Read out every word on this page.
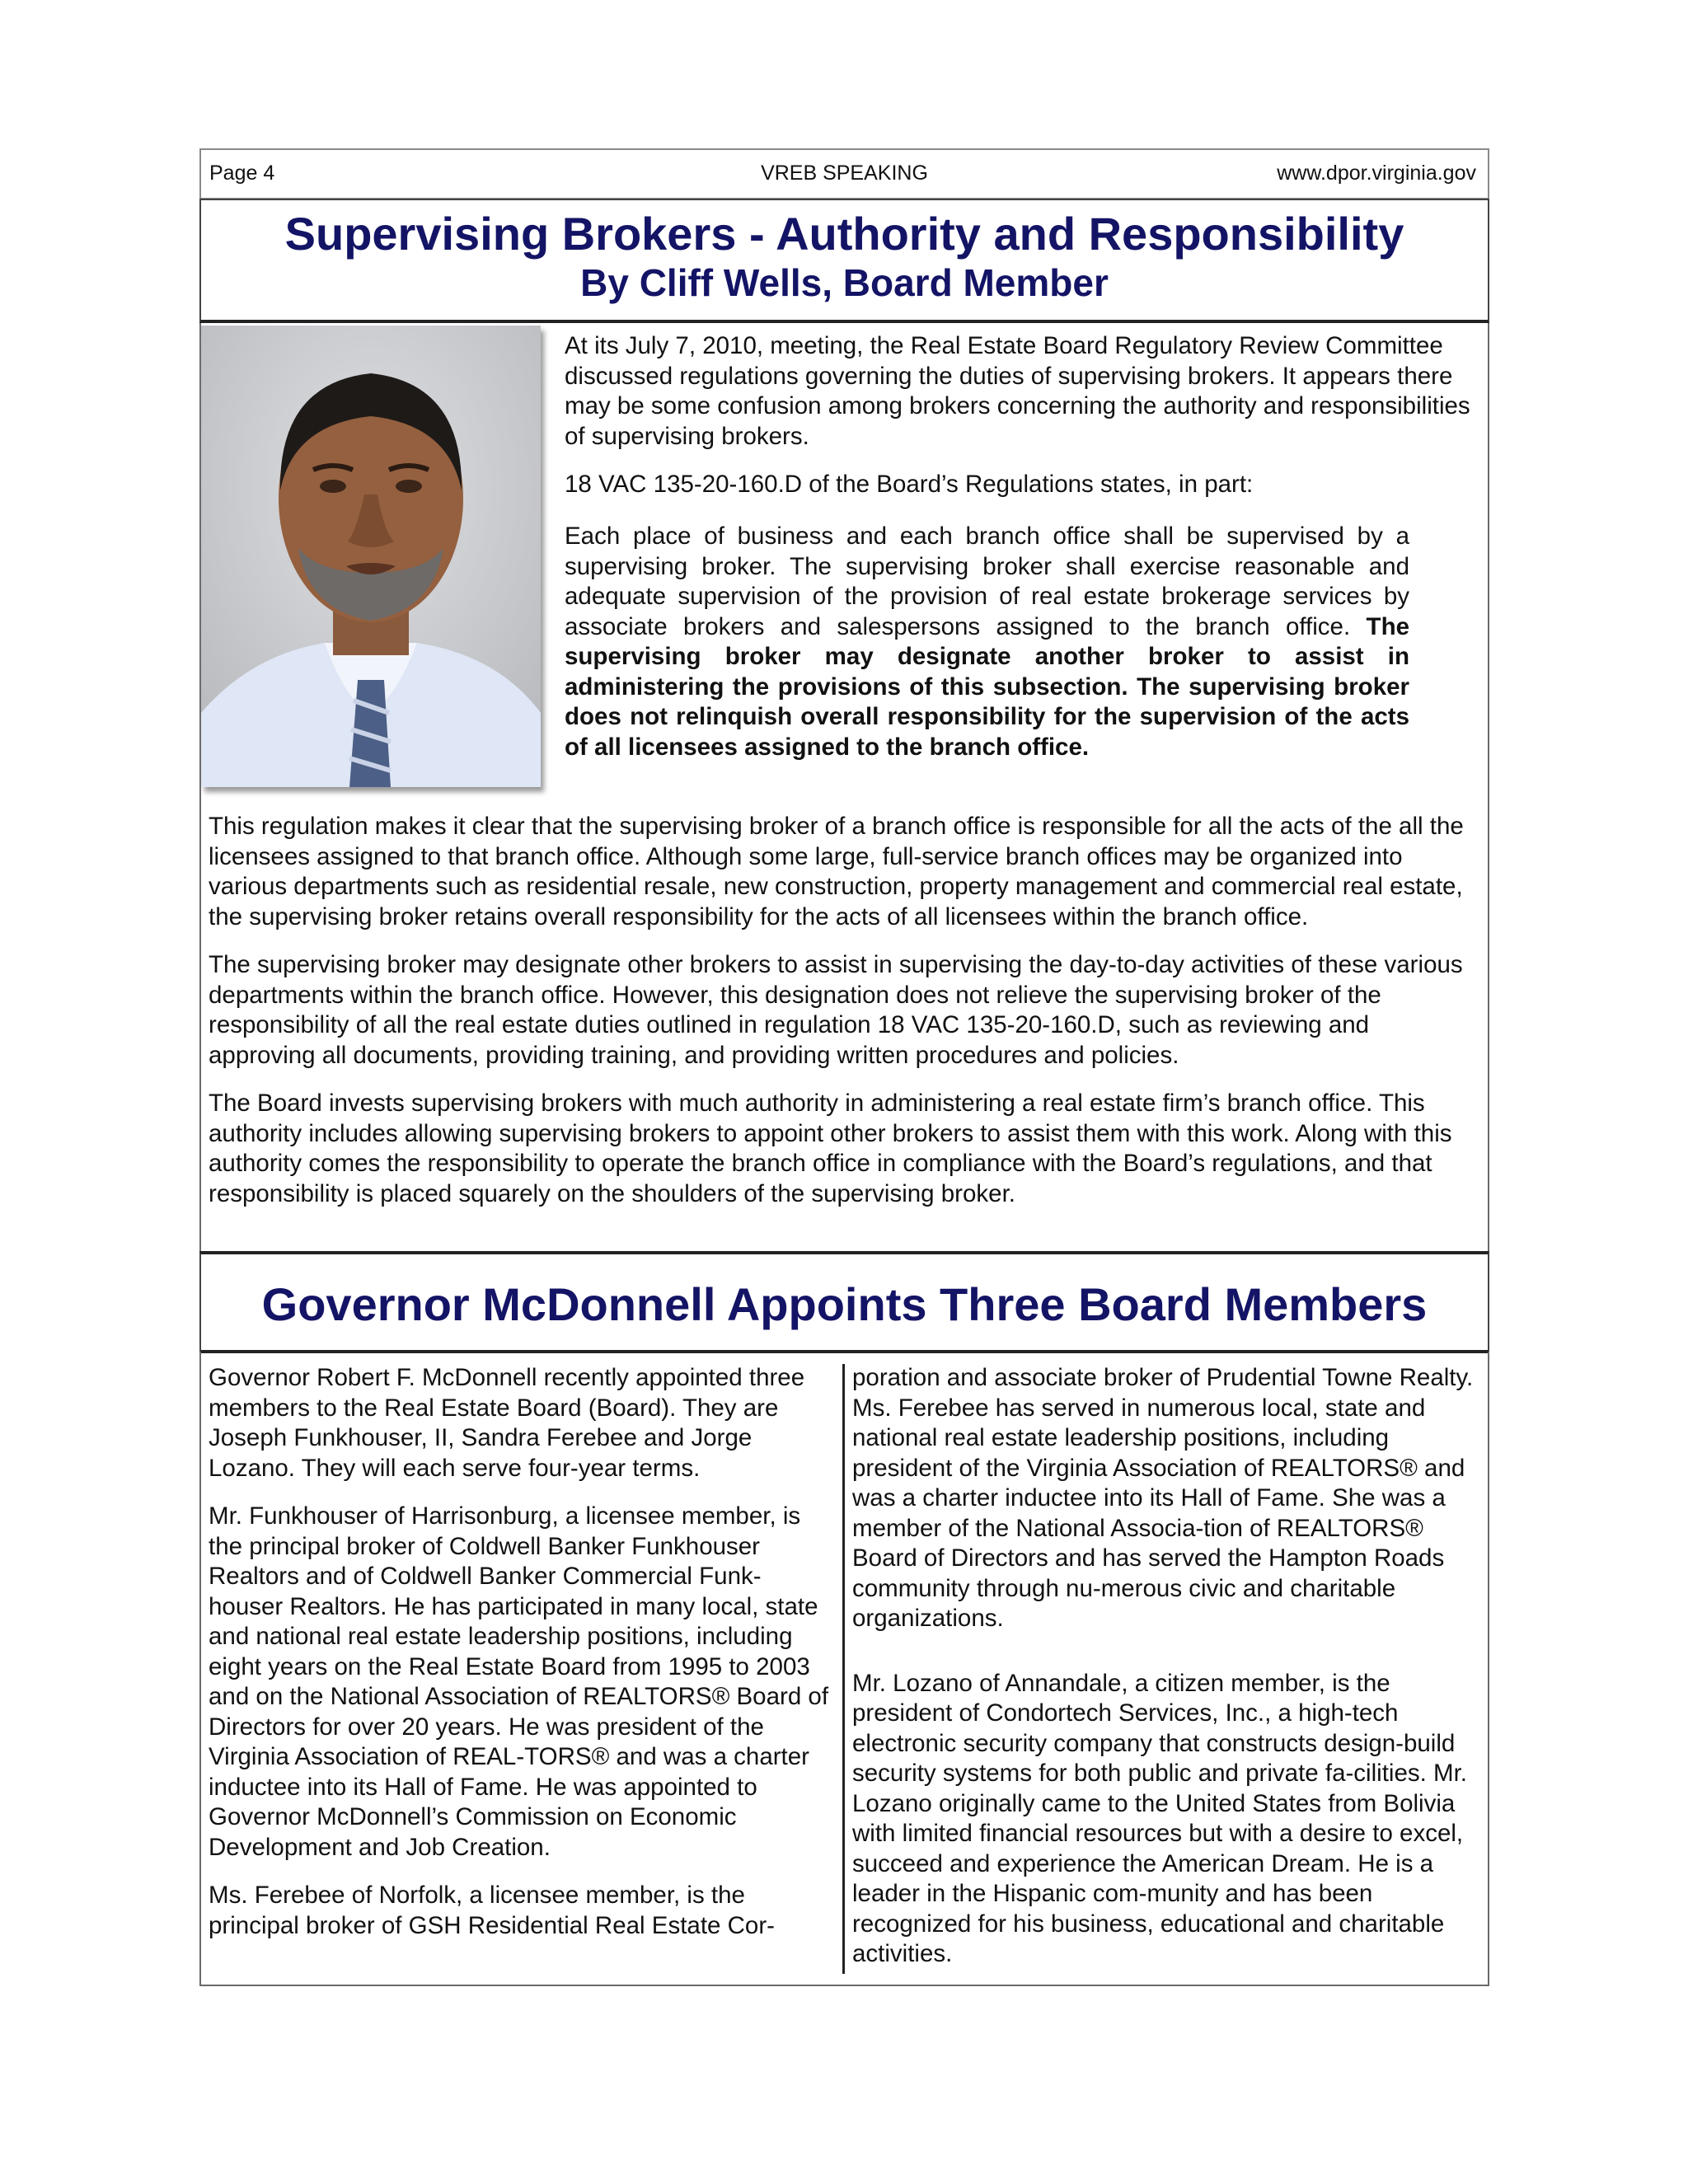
Page 4	VREB SPEAKING	www.dpor.virginia.gov
Supervising Brokers - Authority and Responsibility
By Cliff Wells, Board Member

At its July 7, 2010, meeting, the Real Estate Board Regulatory Review Committee discussed regulations governing the duties of supervising brokers. It appears there may be some confusion among brokers concerning the authority and responsibilities of supervising brokers.

18 VAC 135-20-160.D of the Board’s Regulations states, in part:

Each place of business and each branch office shall be supervised by a supervising broker. The supervising broker shall exercise reasonable and adequate supervision of the provision of real estate brokerage services by associate brokers and salespersons assigned to the branch office. The supervising broker may designate another broker to assist in administering the provisions of this subsection. The supervising broker does not relinquish overall responsibility for the supervision of the acts of all licensees assigned to the branch office.

This regulation makes it clear that the supervising broker of a branch office is responsible for all the acts of the all the licensees assigned to that branch office. Although some large, full-service branch offices may be organized into various departments such as residential resale, new construction, property management and commercial real estate, the supervising broker retains overall responsibility for the acts of all licensees within the branch office.

The supervising broker may designate other brokers to assist in supervising the day-to-day activities of these various departments within the branch office. However, this designation does not relieve the supervising broker of the responsibility of all the real estate duties outlined in regulation 18 VAC 135-20-160.D, such as reviewing and approving all documents, providing training, and providing written procedures and policies.

The Board invests supervising brokers with much authority in administering a real estate firm’s branch office. This authority includes allowing supervising brokers to appoint other brokers to assist them with this work. Along with this authority comes the responsibility to operate the branch office in compliance with the Board’s regulations, and that responsibility is placed squarely on the shoulders of the supervising broker.

Governor McDonnell Appoints Three Board Members

Governor Robert F. McDonnell recently appointed three members to the Real Estate Board (Board). They are Joseph Funkhouser, II, Sandra Ferebee and Jorge Lozano. They will each serve four-year terms.

Mr. Funkhouser of Harrisonburg, a licensee member, is the principal broker of Coldwell Banker Funkhouser Realtors and of Coldwell Banker Commercial Funk-houser Realtors. He has participated in many local, state and national real estate leadership positions, including eight years on the Real Estate Board from 1995 to 2003 and on the National Association of REALTORS® Board of Directors for over 20 years. He was president of the Virginia Association of REAL-TORS® and was a charter inductee into its Hall of Fame. He was appointed to Governor McDonnell’s Commission on Economic Development and Job Creation.

Ms. Ferebee of Norfolk, a licensee member, is the principal broker of GSH Residential Real Estate Cor-

poration and associate broker of Prudential Towne Realty. Ms. Ferebee has served in numerous local, state and national real estate leadership positions, including president of the Virginia Association of REALTORS® and was a charter inductee into its Hall of Fame. She was a member of the National Associa-tion of REALTORS® Board of Directors and has served the Hampton Roads community through nu-merous civic and charitable organizations.

Mr. Lozano of Annandale, a citizen member, is the president of Condortech Services, Inc., a high-tech electronic security company that constructs design-build security systems for both public and private fa-cilities. Mr. Lozano originally came to the United States from Bolivia with limited financial resources but with a desire to excel, succeed and experience the American Dream. He is a leader in the Hispanic com-munity and has been recognized for his business, educational and charitable activities.
